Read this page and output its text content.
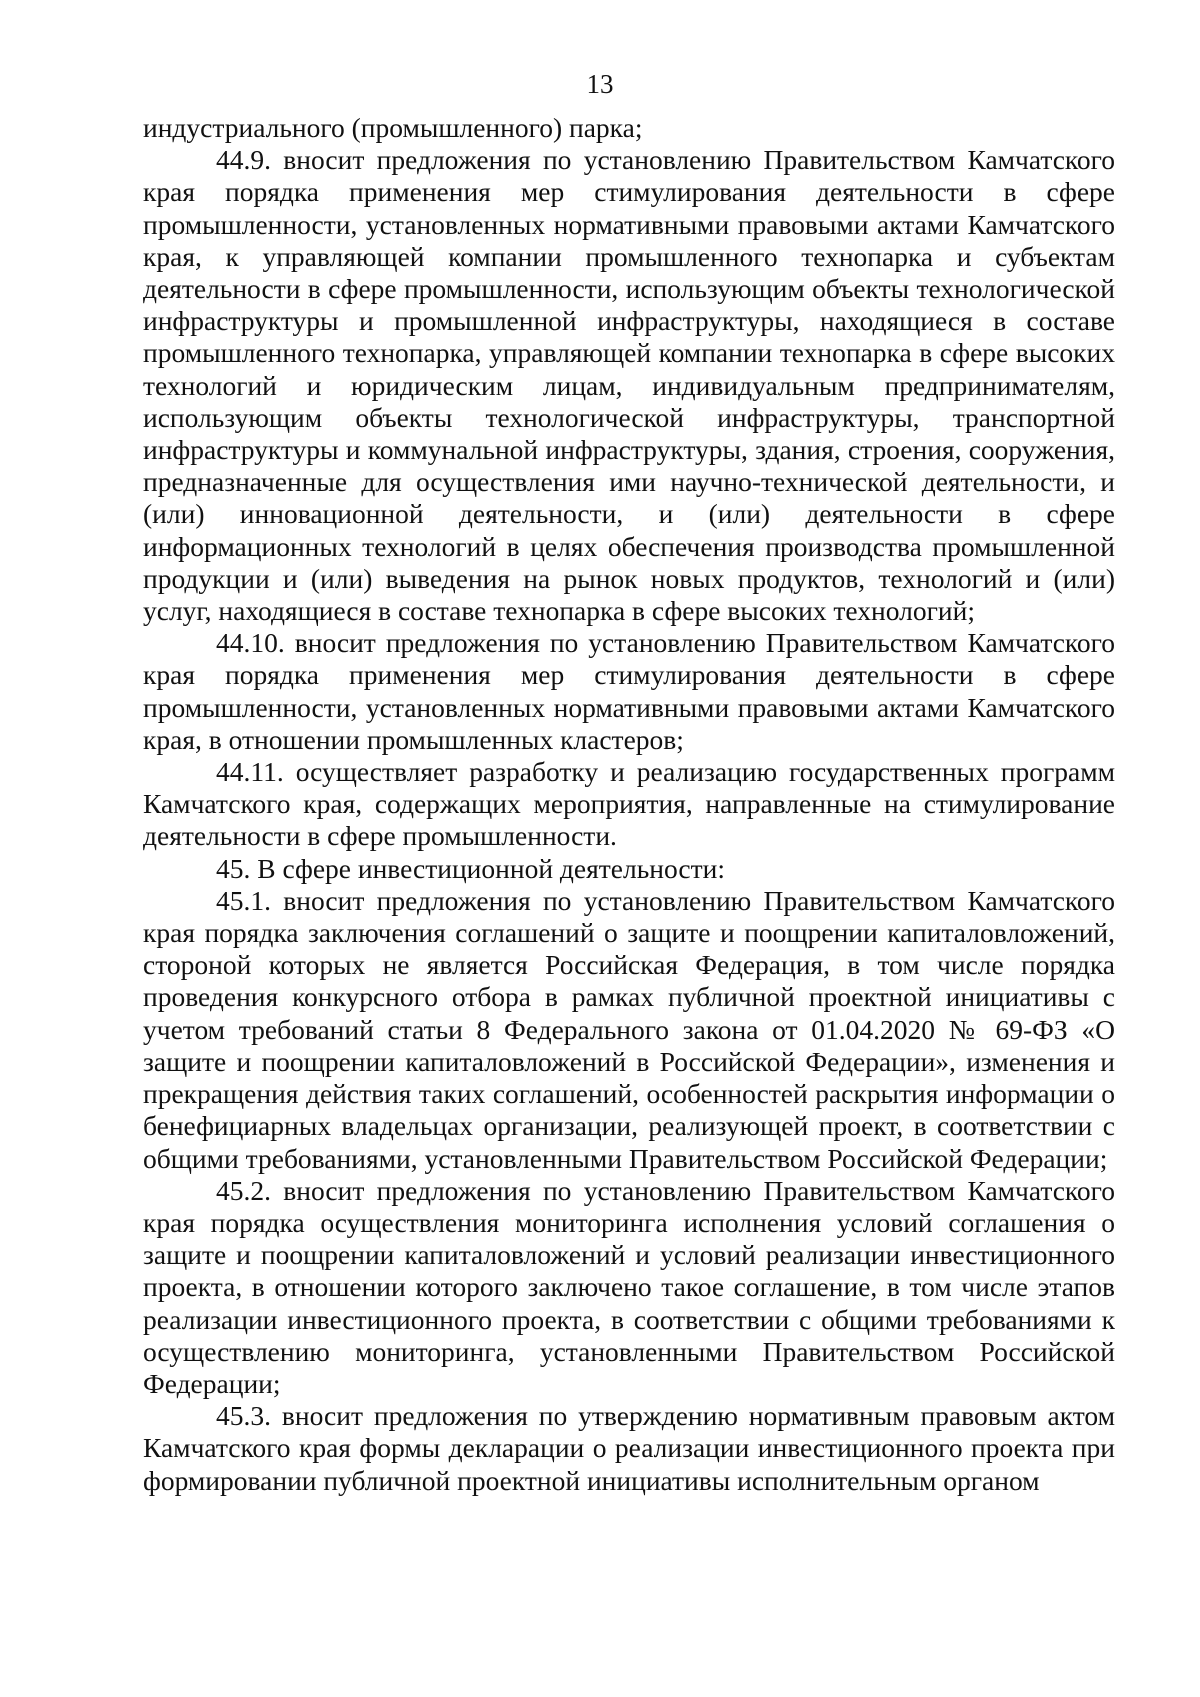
13

индустриального (промышленного) парка;

44.9. вносит предложения по установлению Правительством Камчатского края порядка применения мер стимулирования деятельности в сфере промышленности, установленных нормативными правовыми актами Камчатского края, к управляющей компании промышленного технопарка и субъектам деятельности в сфере промышленности, использующим объекты технологической инфраструктуры и промышленной инфраструктуры, находящиеся в составе промышленного технопарка, управляющей компании технопарка в сфере высоких технологий и юридическим лицам, индивидуальным предпринимателям, использующим объекты технологической инфраструктуры, транспортной инфраструктуры и коммунальной инфраструктуры, здания, строения, сооружения, предназначенные для осуществления ими научно-технической деятельности, и (или) инновационной деятельности, и (или) деятельности в сфере информационных технологий в целях обеспечения производства промышленной продукции и (или) выведения на рынок новых продуктов, технологий и (или) услуг, находящиеся в составе технопарка в сфере высоких технологий;

44.10. вносит предложения по установлению Правительством Камчатского края порядка применения мер стимулирования деятельности в сфере промышленности, установленных нормативными правовыми актами Камчатского края, в отношении промышленных кластеров;

44.11. осуществляет разработку и реализацию государственных программ Камчатского края, содержащих мероприятия, направленные на стимулирование деятельности в сфере промышленности.

45. В сфере инвестиционной деятельности:

45.1. вносит предложения по установлению Правительством Камчатского края порядка заключения соглашений о защите и поощрении капиталовложений, стороной которых не является Российская Федерация, в том числе порядка проведения конкурсного отбора в рамках публичной проектной инициативы с учетом требований статьи 8 Федерального закона от 01.04.2020 № 69-ФЗ «О защите и поощрении капиталовложений в Российской Федерации», изменения и прекращения действия таких соглашений, особенностей раскрытия информации о бенефициарных владельцах организации, реализующей проект, в соответствии с общими требованиями, установленными Правительством Российской Федерации;

45.2. вносит предложения по установлению Правительством Камчатского края порядка осуществления мониторинга исполнения условий соглашения о защите и поощрении капиталовложений и условий реализации инвестиционного проекта, в отношении которого заключено такое соглашение, в том числе этапов реализации инвестиционного проекта, в соответствии с общими требованиями к осуществлению мониторинга, установленными Правительством Российской Федерации;

45.3. вносит предложения по утверждению нормативным правовым актом Камчатского края формы декларации о реализации инвестиционного проекта при формировании публичной проектной инициативы исполнительным органом
